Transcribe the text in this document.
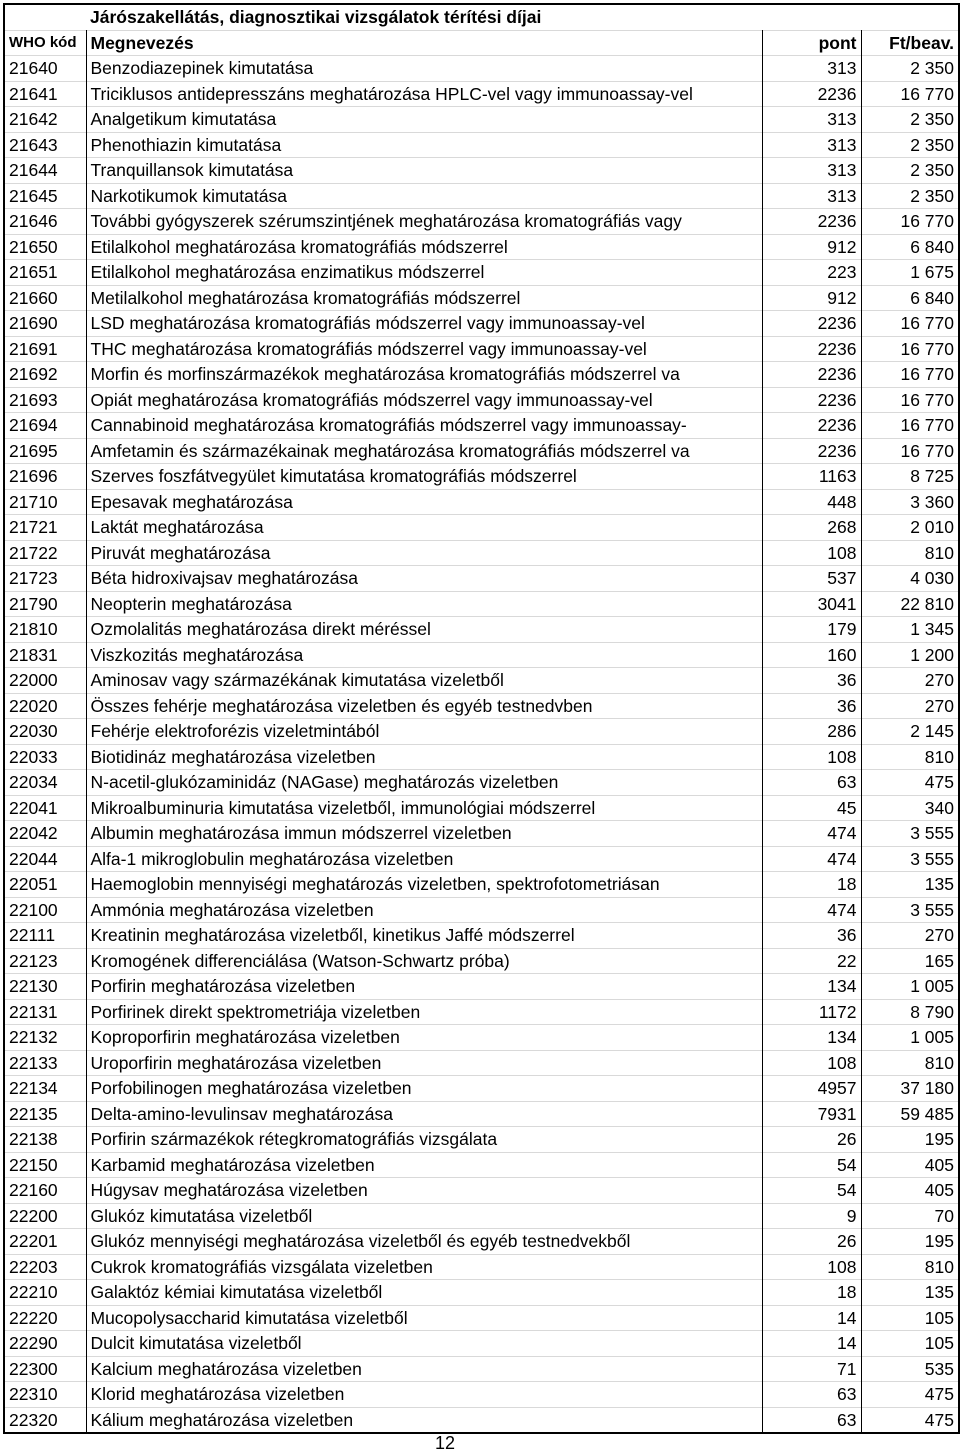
	Járószakellátás, diagnosztikai vizsgálatok térítési díjai		
WHO kód	Megnevezés	pont	Ft/beav.
21640	Benzodiazepinek kimutatása	313	2 350
21641	Triciklusos antidepresszáns meghatározása HPLC-vel vagy immunoassay-vel	2236	16 770
21642	Analgetikum kimutatása	313	2 350
21643	Phenothiazin kimutatása	313	2 350
21644	Tranquillansok kimutatása	313	2 350
21645	Narkotikumok kimutatása	313	2 350
21646	További gyógyszerek szérumszintjének meghatározása kromatográfiás vagy	2236	16 770
21650	Etilalkohol meghatározása kromatográfiás módszerrel	912	6 840
21651	Etilalkohol meghatározása enzimatikus módszerrel	223	1 675
21660	Metilalkohol meghatározása kromatográfiás módszerrel	912	6 840
21690	LSD meghatározása kromatográfiás módszerrel vagy immunoassay-vel	2236	16 770
21691	THC meghatározása kromatográfiás módszerrel vagy immunoassay-vel	2236	16 770
21692	Morfin és morfinszármazékok meghatározása kromatográfiás módszerrel va	2236	16 770
21693	Opiát meghatározása kromatográfiás módszerrel vagy immunoassay-vel	2236	16 770
21694	Cannabinoid meghatározása kromatográfiás módszerrel vagy immunoassay-	2236	16 770
21695	Amfetamin és származékainak meghatározása kromatográfiás módszerrel va	2236	16 770
21696	Szerves foszfátvegyület kimutatása kromatográfiás módszerrel	1163	8 725
21710	Epesavak meghatározása	448	3 360
21721	Laktát meghatározása	268	2 010
21722	Piruvát meghatározása	108	810
21723	Béta hidroxivajsav meghatározása	537	4 030
21790	Neopterin meghatározása	3041	22 810
21810	Ozmolalitás meghatározása direkt méréssel	179	1 345
21831	Viszkozitás meghatározása	160	1 200
22000	Aminosav vagy származékának kimutatása vizeletből	36	270
22020	Összes fehérje meghatározása vizeletben és egyéb testnedvben	36	270
22030	Fehérje elektroforézis vizeletmintából	286	2 145
22033	Biotidináz meghatározása vizeletben	108	810
22034	N-acetil-glukózaminidáz (NAGase) meghatározás vizeletben	63	475
22041	Mikroalbuminuria kimutatása vizeletből, immunológiai módszerrel	45	340
22042	Albumin meghatározása immun módszerrel vizeletben	474	3 555
22044	Alfa-1 mikroglobulin meghatározása vizeletben	474	3 555
22051	Haemoglobin mennyiségi meghatározás vizeletben, spektrofotometriásan	18	135
22100	Ammónia meghatározása vizeletben	474	3 555
22111	Kreatinin meghatározása vizeletből, kinetikus Jaffé módszerrel	36	270
22123	Kromogének differenciálása (Watson-Schwartz próba)	22	165
22130	Porfirin meghatározása vizeletben	134	1 005
22131	Porfirinek direkt spektrometriája vizeletben	1172	8 790
22132	Koproporfirin meghatározása vizeletben	134	1 005
22133	Uroporfirin meghatározása vizeletben	108	810
22134	Porfobilinogen meghatározása vizeletben	4957	37 180
22135	Delta-amino-levulinsav meghatározása	7931	59 485
22138	Porfirin származékok rétegkromatográfiás vizsgálata	26	195
22150	Karbamid meghatározása vizeletben	54	405
22160	Húgysav meghatározása vizeletben	54	405
22200	Glukóz kimutatása vizeletből	9	70
22201	Glukóz mennyiségi meghatározása vizeletből és egyéb testnedvekből	26	195
22203	Cukrok kromatográfiás vizsgálata vizeletben	108	810
22210	Galaktóz kémiai kimutatása vizeletből	18	135
22220	Mucopolysaccharid kimutatása vizeletből	14	105
22290	Dulcit kimutatása vizeletből	14	105
22300	Kalcium meghatározása vizeletben	71	535
22310	Klorid meghatározása vizeletben	63	475
22320	Kálium meghatározása vizeletben	63	475
12
